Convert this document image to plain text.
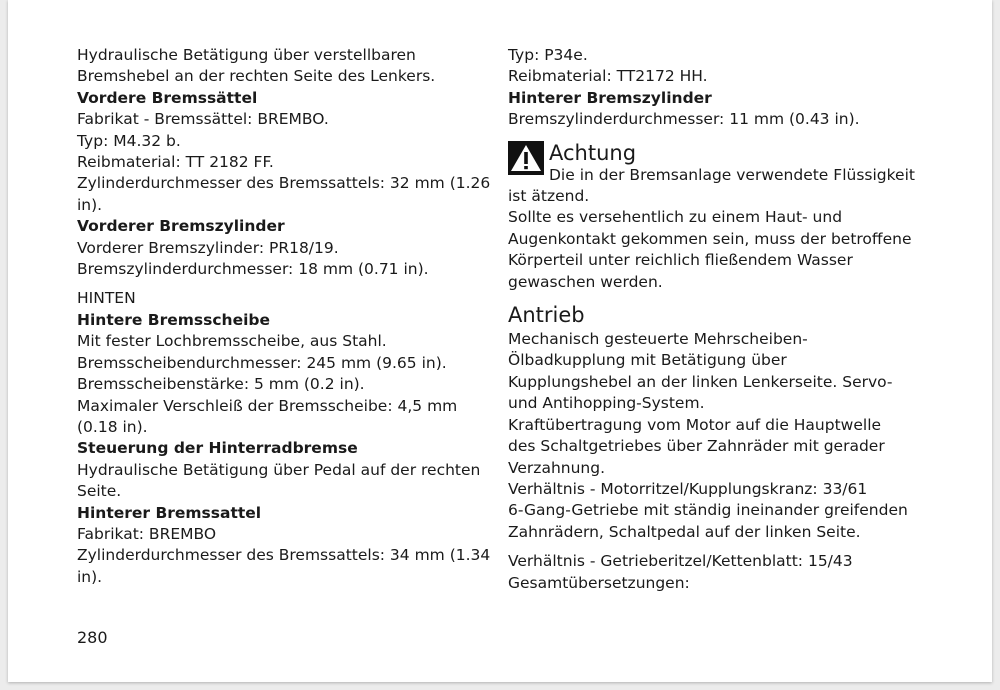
Hydraulische Betätigung über verstellbaren

Bremshebel an der rechten Seite des Lenkers.

Vordere Bremssättel

Fabrikat - Bremssättel: BREMBO.

Typ: M4.32 b.

Reibmaterial: TT 2182 FF.

Zylinderdurchmesser des Bremssattels: 32 mm (1.26

in).

Vorderer Bremszylinder

Vorderer Bremszylinder: PR18/19.

Bremszylinderdurchmesser: 18 mm (0.71 in).

HINTEN

Hintere Bremsscheibe

Mit fester Lochbremsscheibe, aus Stahl.

Bremsscheibendurchmesser: 245 mm (9.65 in).

Bremsscheibenstärke: 5 mm (0.2 in).

Maximaler Verschleiß der Bremsscheibe: 4,5 mm

(0.18 in).

Steuerung der Hinterradbremse

Hydraulische Betätigung über Pedal auf der rechten

Seite.

Hinterer Bremssattel

Fabrikat: BREMBO

Zylinderdurchmesser des Bremssattels: 34 mm (1.34

in).

Typ: P34e.

Reibmaterial: TT2172 HH.

Hinterer Bremszylinder

Bremszylinderdurchmesser: 11 mm (0.43 in).

Achtung

Die in der Bremsanlage verwendete Flüssigkeit

ist ätzend.

Sollte es versehentlich zu einem Haut- und

Augenkontakt gekommen sein, muss der betroffene

Körperteil unter reichlich fließendem Wasser

gewaschen werden.

Antrieb

Mechanisch gesteuerte Mehrscheiben-

Ölbadkupplung mit Betätigung über

Kupplungshebel an der linken Lenkerseite. Servo-

und Antihopping-System.

Kraftübertragung vom Motor auf die Hauptwelle

des Schaltgetriebes über Zahnräder mit gerader

Verzahnung.

Verhältnis - Motorritzel/Kupplungskranz: 33/61

6-Gang-Getriebe mit ständig ineinander greifenden

Zahnrädern, Schaltpedal auf der linken Seite.

Verhältnis - Getrieberitzel/Kettenblatt: 15/43

Gesamtübersetzungen:

280
